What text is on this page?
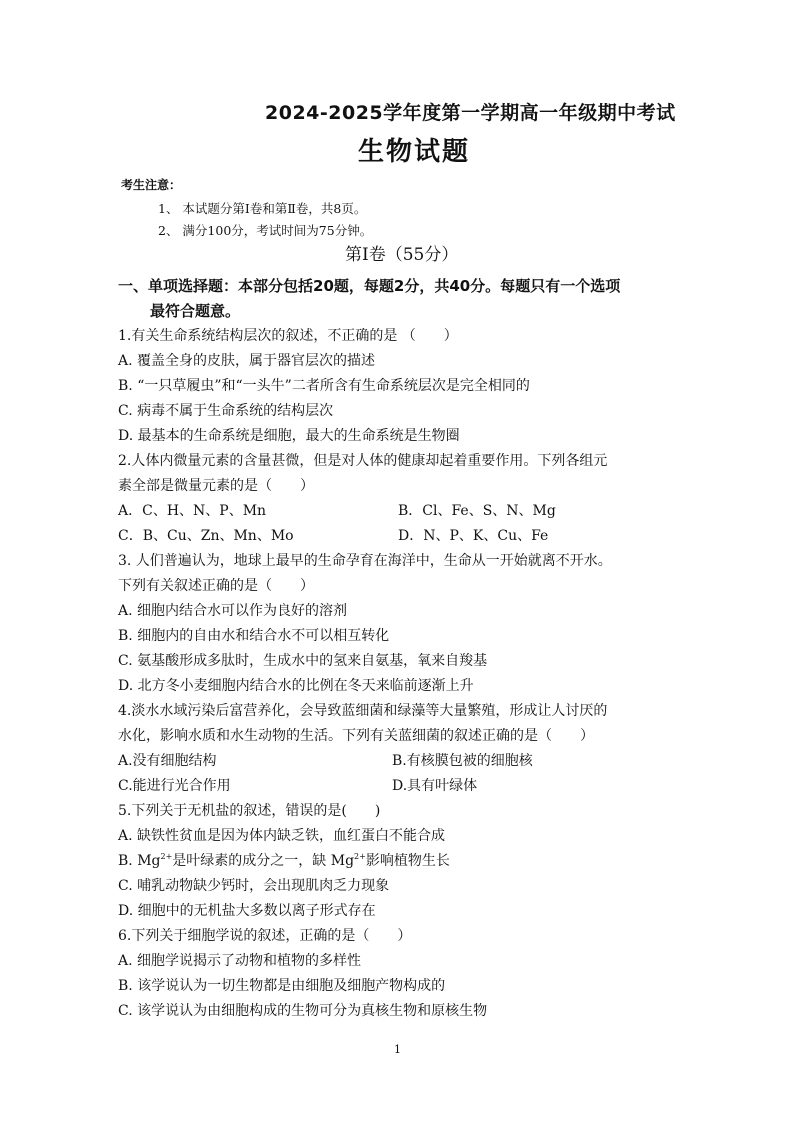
2024-2025学年度第一学期高一年级期中考试
生物试题
考生注意：
1、 本试题分第Ⅰ卷和第Ⅱ卷，共8页。
2、 满分100分，考试时间为75分钟。
第Ⅰ卷（55分）
一、单项选择题：本部分包括20题，每题2分，共40分。每题只有一个选项
最符合题意。
1.有关生命系统结构层次的叙述，不正确的是 （　　）
A. 覆盖全身的皮肤，属于器官层次的描述
B. “一只草履虫”和“一头牛”二者所含有生命系统层次是完全相同的
C. 病毒不属于生命系统的结构层次
D. 最基本的生命系统是细胞，最大的生命系统是生物圈
2.人体内微量元素的含量甚微，但是对人体的健康却起着重要作用。下列各组元
素全部是微量元素的是（　　）
A．C、H、N、P、Mn	B．Cl、Fe、S、N、Mg
C．B、Cu、Zn、Mn、Mo	D．N、P、K、Cu、Fe
3. 人们普遍认为，地球上最早的生命孕育在海洋中，生命从一开始就离不开水。
下列有关叙述正确的是（　　）
A. 细胞内结合水可以作为良好的溶剂
B. 细胞内的自由水和结合水不可以相互转化
C. 氨基酸形成多肽时，生成水中的氢来自氨基，氧来自羧基
D. 北方冬小麦细胞内结合水的比例在冬天来临前逐渐上升
4.淡水水域污染后富营养化，会导致蓝细菌和绿藻等大量繁殖，形成让人讨厌的
水化，影响水质和水生动物的生活。下列有关蓝细菌的叙述正确的是（　　）
A.没有细胞结构	B.有核膜包被的细胞核
C.能进行光合作用	D.具有叶绿体
5.下列关于无机盐的叙述，错误的是(　　)
A. 缺铁性贫血是因为体内缺乏铁，血红蛋白不能合成
B. $Mg^{2+}$是叶绿素的成分之一，缺 $Mg^{2+}$影响植物生长
C. 哺乳动物缺少钙时，会出现肌肉乏力现象
D. 细胞中的无机盐大多数以离子形式存在
6.下列关于细胞学说的叙述，正确的是（　　）
A. 细胞学说揭示了动物和植物的多样性
B. 该学说认为一切生物都是由细胞及细胞产物构成的
C. 该学说认为由细胞构成的生物可分为真核生物和原核生物
1
